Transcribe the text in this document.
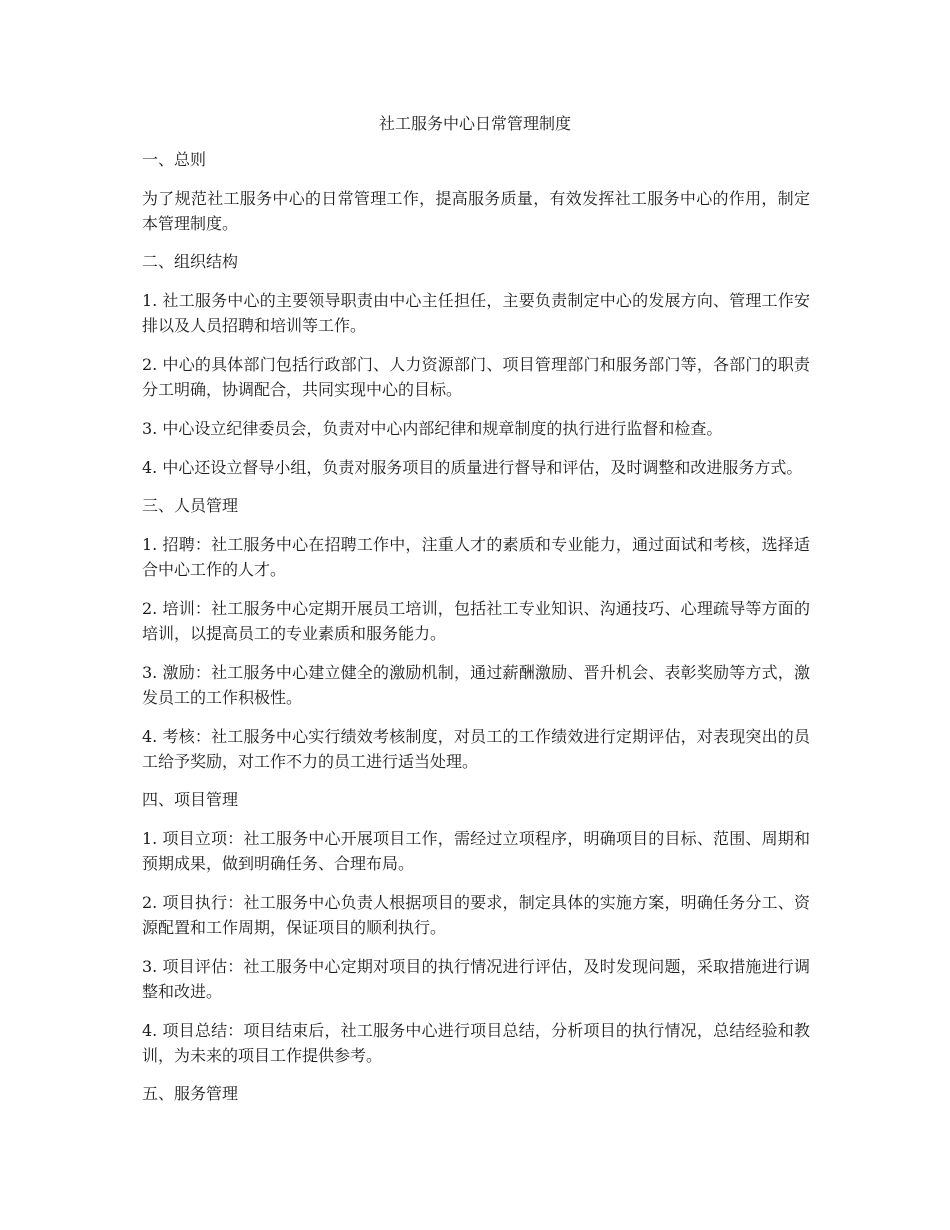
社工服务中心日常管理制度

一、总则

为了规范社工服务中心的日常管理工作，提高服务质量，有效发挥社工服务中心的作用，制定本管理制度。

二、组织结构

1. 社工服务中心的主要领导职责由中心主任担任，主要负责制定中心的发展方向、管理工作安排以及人员招聘和培训等工作。

2. 中心的具体部门包括行政部门、人力资源部门、项目管理部门和服务部门等，各部门的职责分工明确，协调配合，共同实现中心的目标。

3. 中心设立纪律委员会，负责对中心内部纪律和规章制度的执行进行监督和检查。

4. 中心还设立督导小组，负责对服务项目的质量进行督导和评估，及时调整和改进服务方式。

三、人员管理

1. 招聘：社工服务中心在招聘工作中，注重人才的素质和专业能力，通过面试和考核，选择适合中心工作的人才。

2. 培训：社工服务中心定期开展员工培训，包括社工专业知识、沟通技巧、心理疏导等方面的培训，以提高员工的专业素质和服务能力。

3. 激励：社工服务中心建立健全的激励机制，通过薪酬激励、晋升机会、表彰奖励等方式，激发员工的工作积极性。

4. 考核：社工服务中心实行绩效考核制度，对员工的工作绩效进行定期评估，对表现突出的员工给予奖励，对工作不力的员工进行适当处理。

四、项目管理

1. 项目立项：社工服务中心开展项目工作，需经过立项程序，明确项目的目标、范围、周期和预期成果，做到明确任务、合理布局。

2. 项目执行：社工服务中心负责人根据项目的要求，制定具体的实施方案，明确任务分工、资源配置和工作周期，保证项目的顺利执行。

3. 项目评估：社工服务中心定期对项目的执行情况进行评估，及时发现问题，采取措施进行调整和改进。

4. 项目总结：项目结束后，社工服务中心进行项目总结，分析项目的执行情况，总结经验和教训，为未来的项目工作提供参考。

五、服务管理
